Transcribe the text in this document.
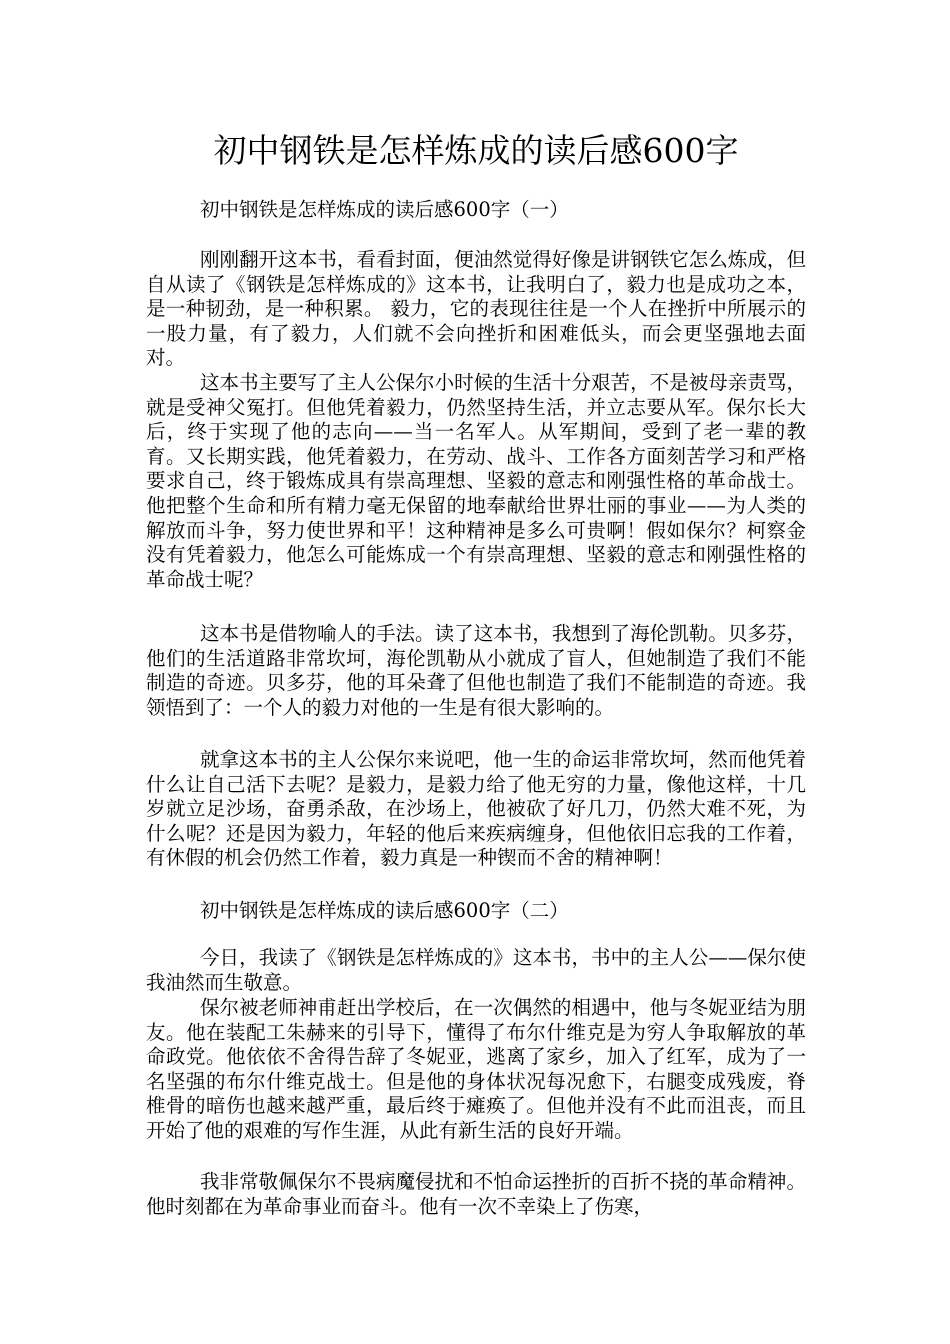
初中钢铁是怎样炼成的读后感600字
初中钢铁是怎样炼成的读后感600字（一）

刚刚翻开这本书，看看封面，便油然觉得好像是讲钢铁它怎么炼成，但自从读了《钢铁是怎样炼成的》这本书，让我明白了，毅力也是成功之本，是一种韧劲，是一种积累。 毅力，它的表现往往是一个人在挫折中所展示的一股力量，有了毅力，人们就不会向挫折和困难低头，而会更坚强地去面对。

这本书主要写了主人公保尔小时候的生活十分艰苦，不是被母亲责骂，就是受神父冤打。但他凭着毅力，仍然坚持生活，并立志要从军。保尔长大后，终于实现了他的志向——当一名军人。从军期间，受到了老一辈的教育。又长期实践，他凭着毅力，在劳动、战斗、工作各方面刻苦学习和严格要求自己，终于锻炼成具有崇高理想、坚毅的意志和刚强性格的革命战士。他把整个生命和所有精力毫无保留的地奉献给世界壮丽的事业——为人类的解放而斗争，努力使世界和平！这种精神是多么可贵啊！假如保尔？柯察金没有凭着毅力，他怎么可能炼成一个有崇高理想、坚毅的意志和刚强性格的革命战士呢？

这本书是借物喻人的手法。读了这本书，我想到了海伦凯勒。贝多芬，他们的生活道路非常坎坷，海伦凯勒从小就成了盲人，但她制造了我们不能制造的奇迹。贝多芬，他的耳朵聋了但他也制造了我们不能制造的奇迹。我领悟到了：一个人的毅力对他的一生是有很大影响的。

就拿这本书的主人公保尔来说吧，他一生的命运非常坎坷，然而他凭着什么让自己活下去呢？是毅力，是毅力给了他无穷的力量，像他这样，十几岁就立足沙场，奋勇杀敌，在沙场上，他被砍了好几刀，仍然大难不死，为什么呢？还是因为毅力，年轻的他后来疾病缠身，但他依旧忘我的工作着，有休假的机会仍然工作着，毅力真是一种锲而不舍的精神啊！

初中钢铁是怎样炼成的读后感600字（二）

今日，我读了《钢铁是怎样炼成的》这本书，书中的主人公——保尔使我油然而生敬意。

保尔被老师神甫赶出学校后，在一次偶然的相遇中，他与冬妮亚结为朋友。他在装配工朱赫来的引导下，懂得了布尔什维克是为穷人争取解放的革命政党。他依依不舍得告辞了冬妮亚，逃离了家乡，加入了红军，成为了一名坚强的布尔什维克战士。但是他的身体状况每况愈下，右腿变成残废，脊椎骨的暗伤也越来越严重，最后终于瘫痪了。但他并没有不此而沮丧，而且开始了他的艰难的写作生涯，从此有新生活的良好开端。

我非常敬佩保尔不畏病魔侵扰和不怕命运挫折的百折不挠的革命精神。他时刻都在为革命事业而奋斗。他有一次不幸染上了伤寒，
